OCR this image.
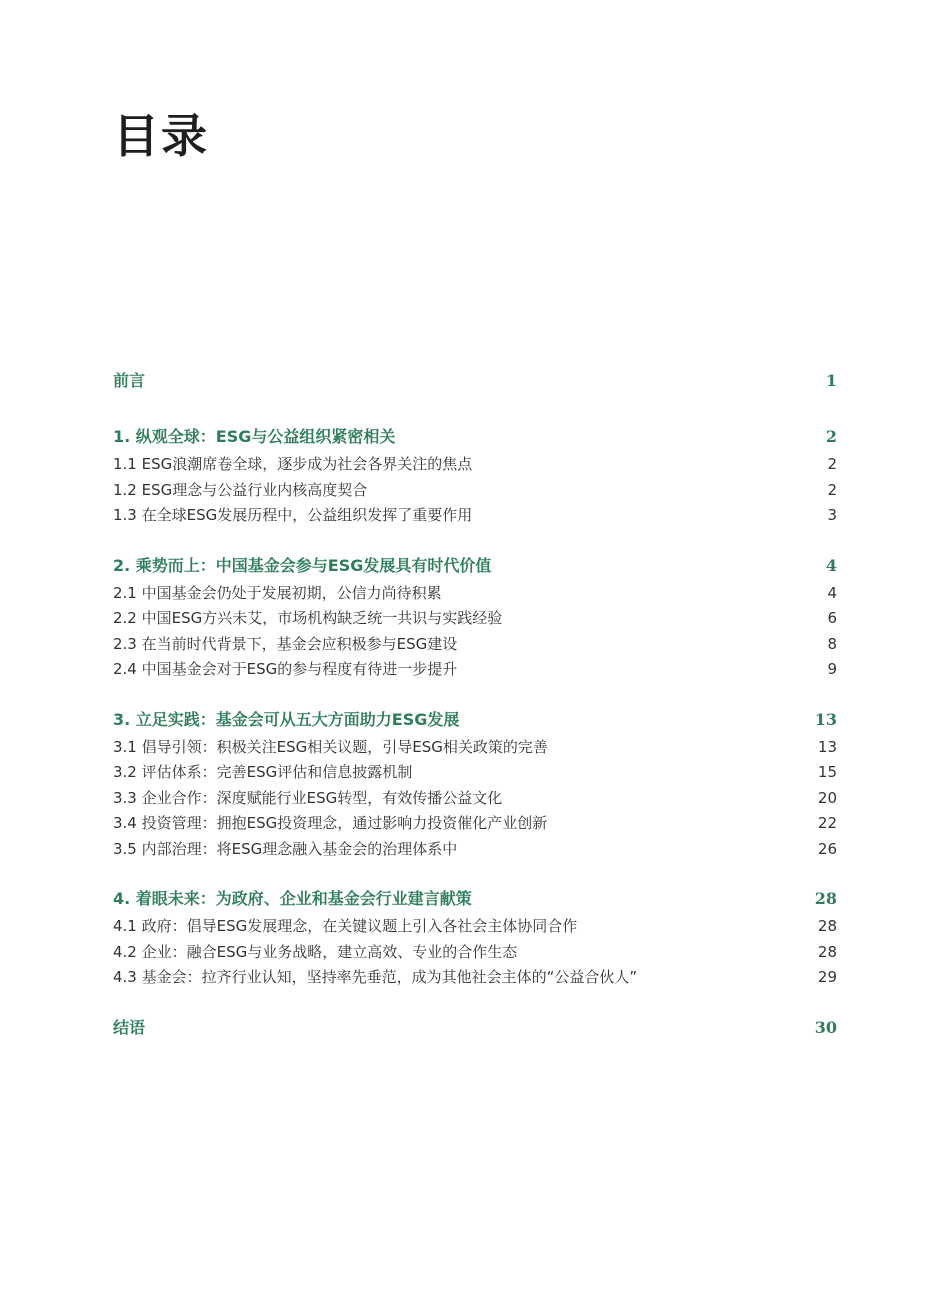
目录
前言	1
1. 纵观全球：ESG与公益组织紧密相关	2
1.1 ESG浪潮席卷全球，逐步成为社会各界关注的焦点	2
1.2 ESG理念与公益行业内核高度契合	2
1.3 在全球ESG发展历程中，公益组织发挥了重要作用	3
2. 乘势而上：中国基金会参与ESG发展具有时代价值	4
2.1 中国基金会仍处于发展初期，公信力尚待积累	4
2.2 中国ESG方兴未艾，市场机构缺乏统一共识与实践经验	6
2.3 在当前时代背景下，基金会应积极参与ESG建设	8
2.4 中国基金会对于ESG的参与程度有待进一步提升	9
3. 立足实践：基金会可从五大方面助力ESG发展	13
3.1 倡导引领：积极关注ESG相关议题，引导ESG相关政策的完善	13
3.2 评估体系：完善ESG评估和信息披露机制	15
3.3 企业合作：深度赋能行业ESG转型，有效传播公益文化	20
3.4 投资管理：拥抱ESG投资理念，通过影响力投资催化产业创新	22
3.5 内部治理：将ESG理念融入基金会的治理体系中	26
4. 着眼未来：为政府、企业和基金会行业建言献策	28
4.1 政府：倡导ESG发展理念，在关键议题上引入各社会主体协同合作	28
4.2 企业：融合ESG与业务战略，建立高效、专业的合作生态	28
4.3 基金会：拉齐行业认知，坚持率先垂范，成为其他社会主体的“公益合伙人”	29
结语	30
